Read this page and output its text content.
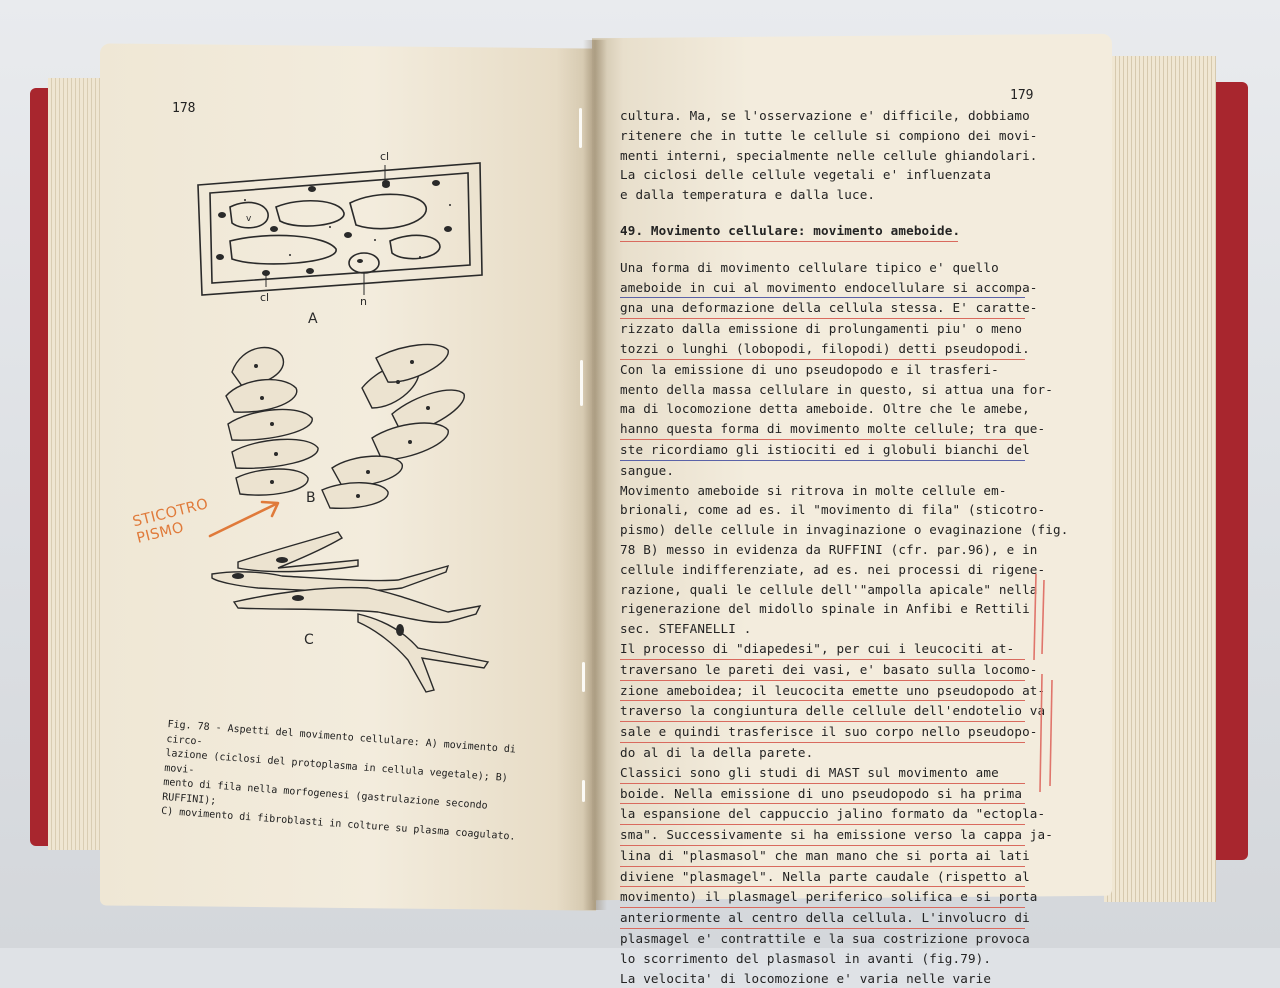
178
179
cl
cl	n
v
A
B
C
STICOTRO
PISMO
Fig. 78 - Aspetti del movimento cellulare: A) movimento di circo-
lazione (ciclosi del protoplasma in cellula vegetale); B) movi-
mento di fila nella morfogenesi (gastrulazione secondo RUFFINI);
C) movimento di fibroblasti in colture su plasma coagulato.
cultura. Ma, se l'osservazione e' difficile, dobbiamo
ritenere che in tutte le cellule si compiono dei movi-
menti interni, specialmente nelle cellule ghiandolari.
La ciclosi delle cellule vegetali e' influenzata
e dalla temperatura e dalla luce.
49. Movimento cellulare: movimento ameboide.
Una forma di movimento cellulare tipico e' quello
ameboide in cui al movimento endocellulare si accompa-
gna una deformazione della cellula stessa. E' caratte-
rizzato dalla emissione di prolungamenti piu' o meno
tozzi o lunghi (lobopodi, filopodi) detti pseudopodi.
Con la emissione di uno pseudopodo e il trasferi-
mento della massa cellulare in questo, si attua una for-
ma di locomozione detta ameboide. Oltre che le amebe,
hanno questa forma di movimento molte cellule; tra que-
ste ricordiamo gli istiociti ed i globuli bianchi del
sangue.
Movimento ameboide si ritrova in molte cellule em-
brionali, come ad es. il "movimento di fila" (sticotro-
pismo) delle cellule in invaginazione o evaginazione (fig.
78 B) messo in evidenza da RUFFINI (cfr. par.96), e in
cellule indifferenziate, ad es. nei processi di rigene-
razione, quali le cellule dell'"ampolla apicale" nella
rigenerazione del midollo spinale in Anfibi e Rettili
sec. STEFANELLI .
Il processo di "diapedesi", per cui i leucociti at-
traversano le pareti dei vasi, e' basato sulla locomo-
zione ameboidea; il leucocita emette uno pseudopodo at-
traverso la congiuntura delle cellule dell'endotelio va
sale e quindi trasferisce il suo corpo nello pseudopo-
do al di la della parete.
Classici sono gli studi di MAST sul movimento ame
boide. Nella emissione di uno pseudopodo si ha prima
la espansione del cappuccio jalino formato da "ectopla-
sma". Successivamente si ha emissione verso la cappa ja-
lina di "plasmasol" che man mano che si porta ai lati
diviene "plasmagel". Nella parte caudale (rispetto al
movimento) il plasmagel periferico solifica e si porta
anteriormente al centro della cellula. L'involucro di
plasmagel e' contrattile e la sua costrizione provoca
lo scorrimento del plasmasol in avanti (fig.79).
La velocita' di locomozione e' varia nelle varie
